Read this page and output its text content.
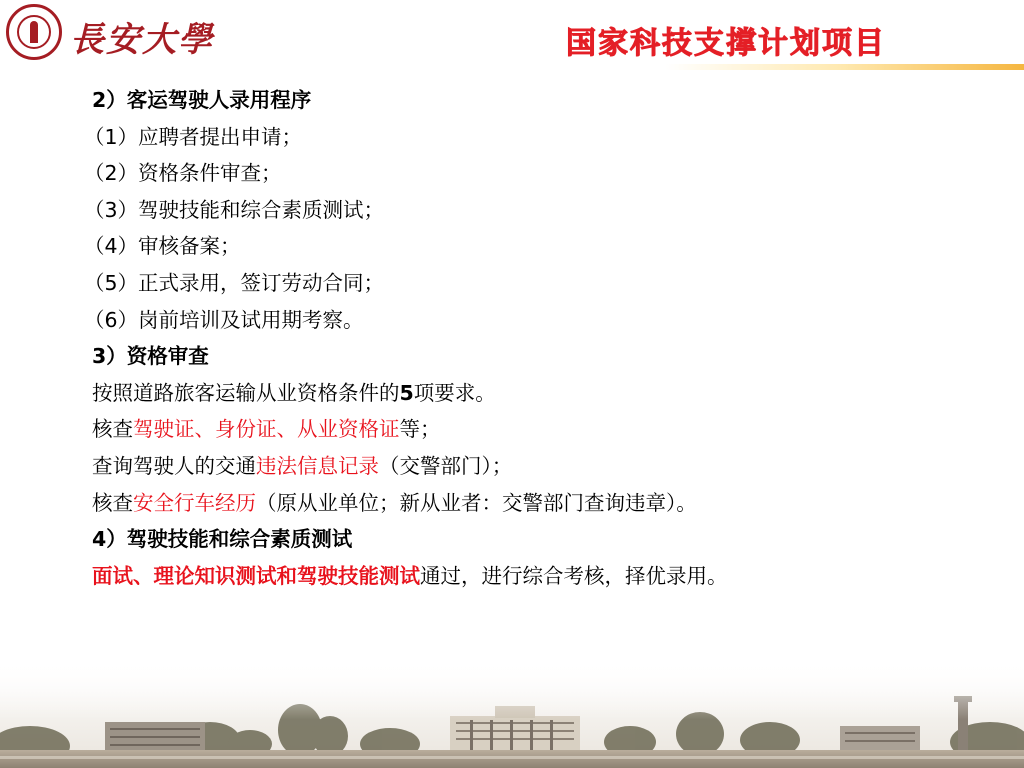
長安大學	国家科技支撑计划项目
2）客运驾驶人录用程序
（1）应聘者提出申请；
（2）资格条件审查；
（3）驾驶技能和综合素质测试；
（4）审核备案；
（5）正式录用，签订劳动合同；
（6）岗前培训及试用期考察。
3）资格审查
按照道路旅客运输从业资格条件的5项要求。
核查驾驶证、身份证、从业资格证等；
查询驾驶人的交通违法信息记录（交警部门）；
核查安全行车经历（原从业单位；新从业者：交警部门查询违章）。
4）驾驶技能和综合素质测试
面试、理论知识测试和驾驶技能测试通过，进行综合考核，择优录用。
